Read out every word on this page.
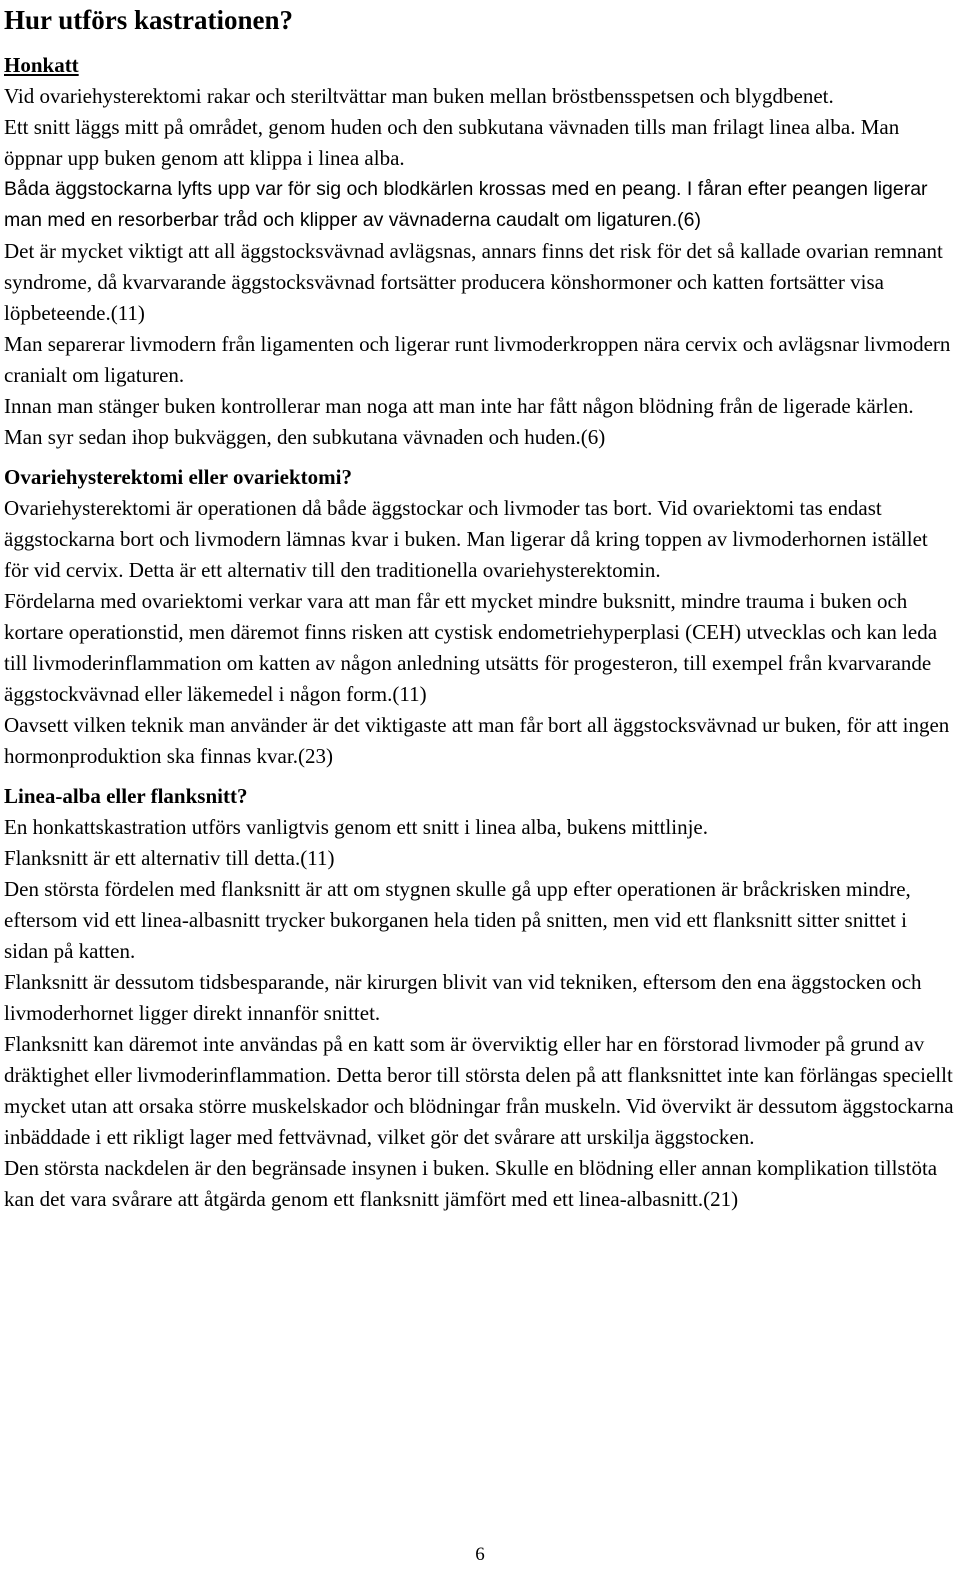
Hur utförs kastrationen?
Honkatt

Vid ovariehysterektomi rakar och steriltvättar man buken mellan bröstbensspetsen och blygdbenet.

Ett snitt läggs mitt på området, genom huden och den subkutana vävnaden tills man frilagt linea alba. Man öppnar upp buken genom att klippa i linea alba.

Båda äggstockarna lyfts upp var för sig och blodkärlen krossas med en peang. I fåran efter peangen ligerar man med en resorberbar tråd och klipper av vävnaderna caudalt om ligaturen.(6)

Det är mycket viktigt att all äggstocksvävnad avlägsnas, annars finns det risk för det så kallade ovarian remnant syndrome, då kvarvarande äggstocksvävnad fortsätter producera könshormoner och katten fortsätter visa löpbeteende.(11)

Man separerar livmodern från ligamenten och ligerar runt livmoderkroppen nära cervix och avlägsnar livmodern cranialt om ligaturen.

Innan man stänger buken kontrollerar man noga att man inte har fått någon blödning från de ligerade kärlen.

Man syr sedan ihop bukväggen, den subkutana vävnaden och huden.(6)

Ovariehysterektomi eller ovariektomi?

Ovariehysterektomi är operationen då både äggstockar och livmoder tas bort. Vid ovariektomi tas endast äggstockarna bort och livmodern lämnas kvar i buken. Man ligerar då kring toppen av livmoderhornen istället för vid cervix. Detta är ett alternativ till den traditionella ovariehysterektomin.

Fördelarna med ovariektomi verkar vara att man får ett mycket mindre buksnitt, mindre trauma i buken och kortare operationstid, men däremot finns risken att cystisk endometriehyperplasi (CEH) utvecklas och kan leda till livmoderinflammation om katten av någon anledning utsätts för progesteron, till exempel från kvarvarande äggstockvävnad eller läkemedel i någon form.(11)

Oavsett vilken teknik man använder är det viktigaste att man får bort all äggstocksvävnad ur buken, för att ingen hormonproduktion ska finnas kvar.(23)

Linea-alba eller flanksnitt?

En honkattskastration utförs vanligtvis genom ett snitt i linea alba, bukens mittlinje.

Flanksnitt är ett alternativ till detta.(11)

Den största fördelen med flanksnitt är att om stygnen skulle gå upp efter operationen är bråckrisken mindre, eftersom vid ett linea-albasnitt trycker bukorganen hela tiden på snitten, men vid ett flanksnitt sitter snittet i sidan på katten.

Flanksnitt är dessutom tidsbesparande, när kirurgen blivit van vid tekniken, eftersom den ena äggstocken och livmoderhornet ligger direkt innanför snittet.

Flanksnitt kan däremot inte användas på en katt som är överviktig eller har en förstorad livmoder på grund av dräktighet eller livmoderinflammation. Detta beror till största delen på att flanksnittet inte kan förlängas speciellt mycket utan att orsaka större muskelskador och blödningar från muskeln. Vid övervikt är dessutom äggstockarna inbäddade i ett rikligt lager med fettvävnad, vilket gör det svårare att urskilja äggstocken.

Den största nackdelen är den begränsade insynen i buken. Skulle en blödning eller annan komplikation tillstöta kan det vara svårare att åtgärda genom ett flanksnitt jämfört med ett linea-albasnitt.(21)

6
